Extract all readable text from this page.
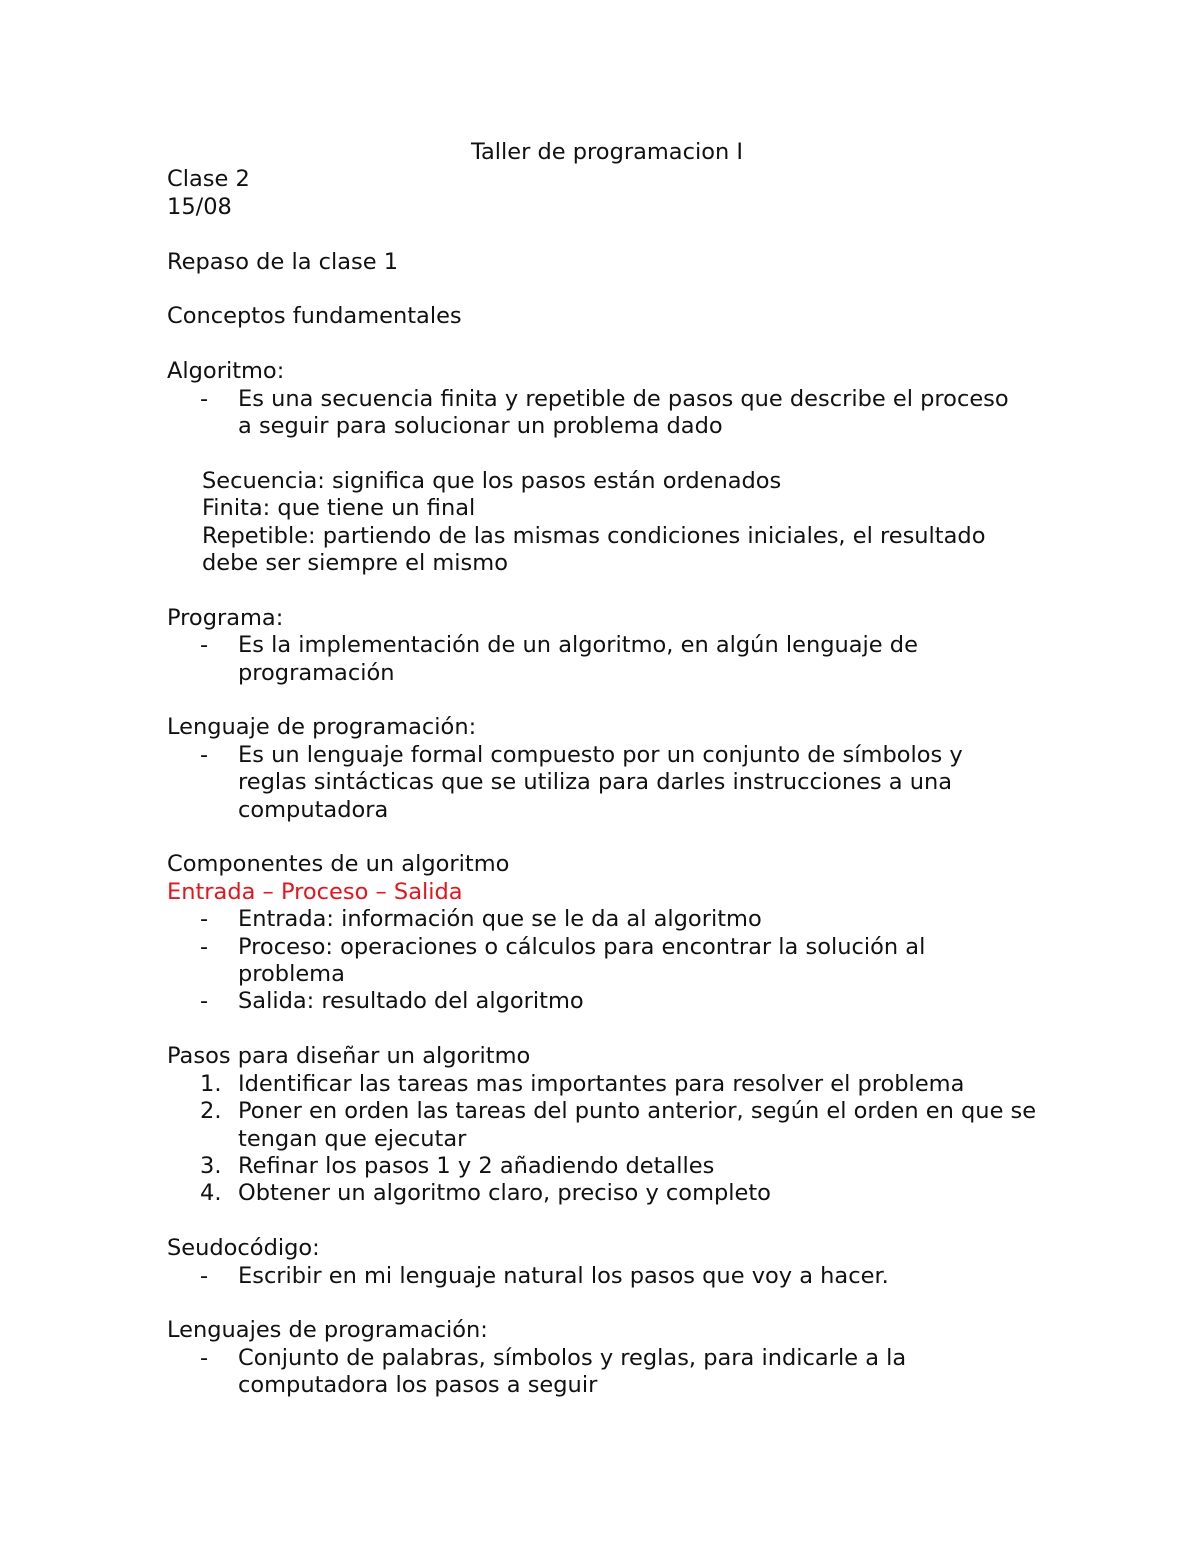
Taller de programacion I
Clase 2
15/08
Repaso de la clase 1
Conceptos fundamentales
Algoritmo:
- Es una secuencia finita y repetible de pasos que describe el proceso a seguir para solucionar un problema dado
Secuencia: significa que los pasos están ordenados
Finita: que tiene un final
Repetible: partiendo de las mismas condiciones iniciales, el resultado debe ser siempre el mismo
Programa:
- Es la implementación de un algoritmo, en algún lenguaje de programación
Lenguaje de programación:
- Es un lenguaje formal compuesto por un conjunto de símbolos y reglas sintácticas que se utiliza para darles instrucciones a una computadora
Componentes de un algoritmo
Entrada – Proceso – Salida
- Entrada: información que se le da al algoritmo
- Proceso: operaciones o cálculos para encontrar la solución al problema
- Salida: resultado del algoritmo
Pasos para diseñar un algoritmo
1. Identificar las tareas mas importantes para resolver el problema
2. Poner en orden las tareas del punto anterior, según el orden en que se tengan que ejecutar
3. Refinar los pasos 1 y 2 añadiendo detalles
4. Obtener un algoritmo claro, preciso y completo
Seudocódigo:
- Escribir en mi lenguaje natural los pasos que voy a hacer.
Lenguajes de programación:
- Conjunto de palabras, símbolos y reglas, para indicarle a la computadora los pasos a seguir
